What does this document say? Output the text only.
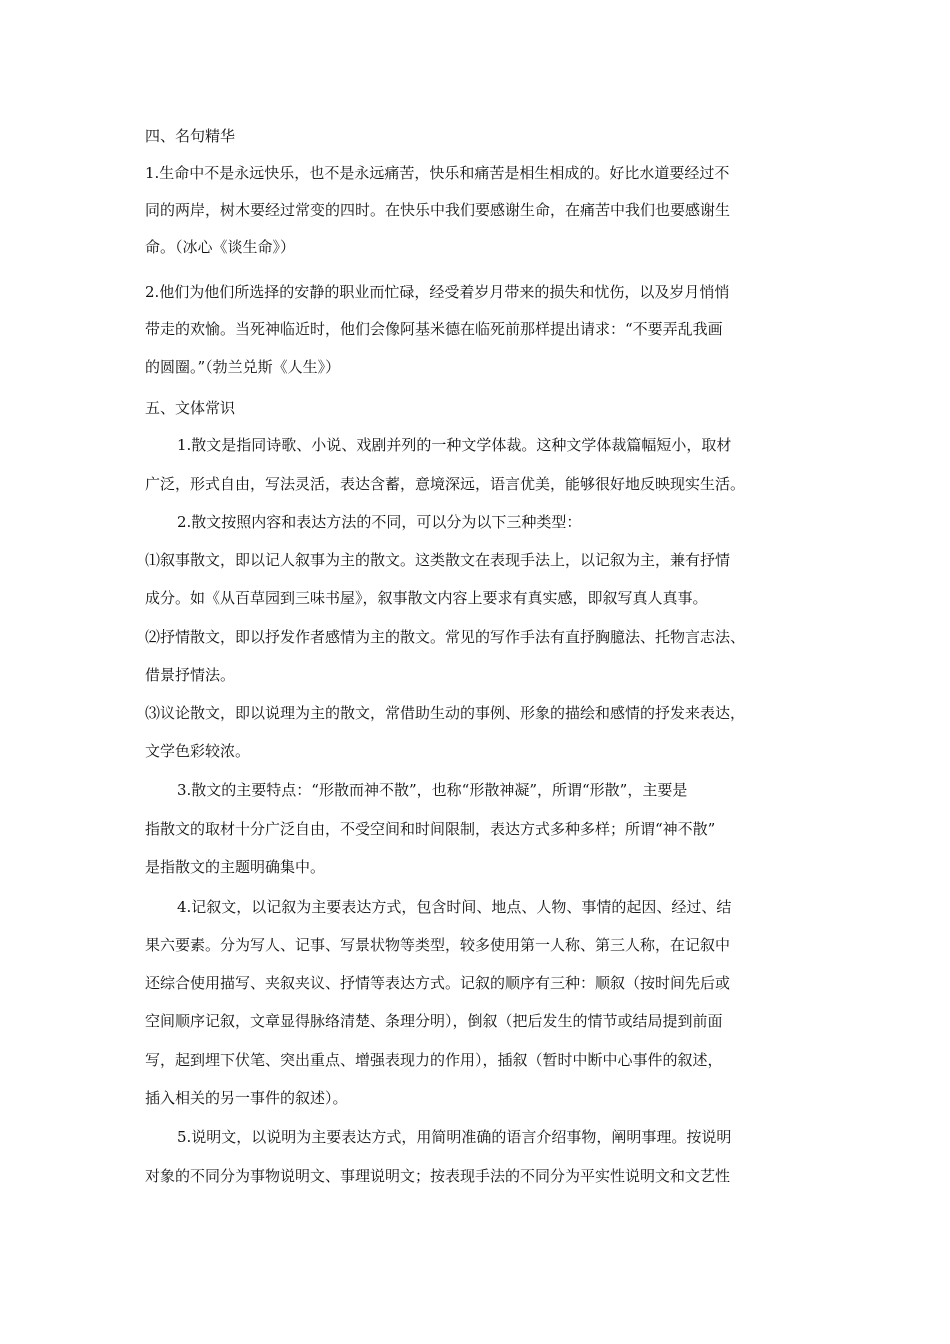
四、名句精华
1.生命中不是永远快乐，也不是永远痛苦，快乐和痛苦是相生相成的。好比水道要经过不
同的两岸，树木要经过常变的四时。在快乐中我们要感谢生命，在痛苦中我们也要感谢生
命。（冰心《谈生命》）
2.他们为他们所选择的安静的职业而忙碌，经受着岁月带来的损失和忧伤，以及岁月悄悄
带走的欢愉。当死神临近时，他们会像阿基米德在临死前那样提出请求：“不要弄乱我画
的圆圈。”（勃兰兑斯《人生》）
五、文体常识
1.散文是指同诗歌、小说、戏剧并列的一种文学体裁。这种文学体裁篇幅短小，取材
广泛，形式自由，写法灵活，表达含蓄，意境深远，语言优美，能够很好地反映现实生活。
2.散文按照内容和表达方法的不同，可以分为以下三种类型：
⑴叙事散文，即以记人叙事为主的散文。这类散文在表现手法上，以记叙为主，兼有抒情
成分。如《从百草园到三味书屋》，叙事散文内容上要求有真实感，即叙写真人真事。
⑵抒情散文，即以抒发作者感情为主的散文。常见的写作手法有直抒胸臆法、托物言志法、
借景抒情法。
⑶议论散文，即以说理为主的散文，常借助生动的事例、形象的描绘和感情的抒发来表达，
文学色彩较浓。
3.散文的主要特点：“形散而神不散”，也称“形散神凝”，所谓“形散”，主要是
指散文的取材十分广泛自由，不受空间和时间限制，表达方式多种多样；所谓“神不散”
是指散文的主题明确集中。
4.记叙文，以记叙为主要表达方式，包含时间、地点、人物、事情的起因、经过、结
果六要素。分为写人、记事、写景状物等类型，较多使用第一人称、第三人称，在记叙中
还综合使用描写、夹叙夹议、抒情等表达方式。记叙的顺序有三种：顺叙（按时间先后或
空间顺序记叙，文章显得脉络清楚、条理分明），倒叙（把后发生的情节或结局提到前面
写，起到埋下伏笔、突出重点、增强表现力的作用），插叙（暂时中断中心事件的叙述，
插入相关的另一事件的叙述）。
5.说明文，以说明为主要表达方式，用简明准确的语言介绍事物，阐明事理。按说明
对象的不同分为事物说明文、事理说明文；按表现手法的不同分为平实性说明文和文艺性
